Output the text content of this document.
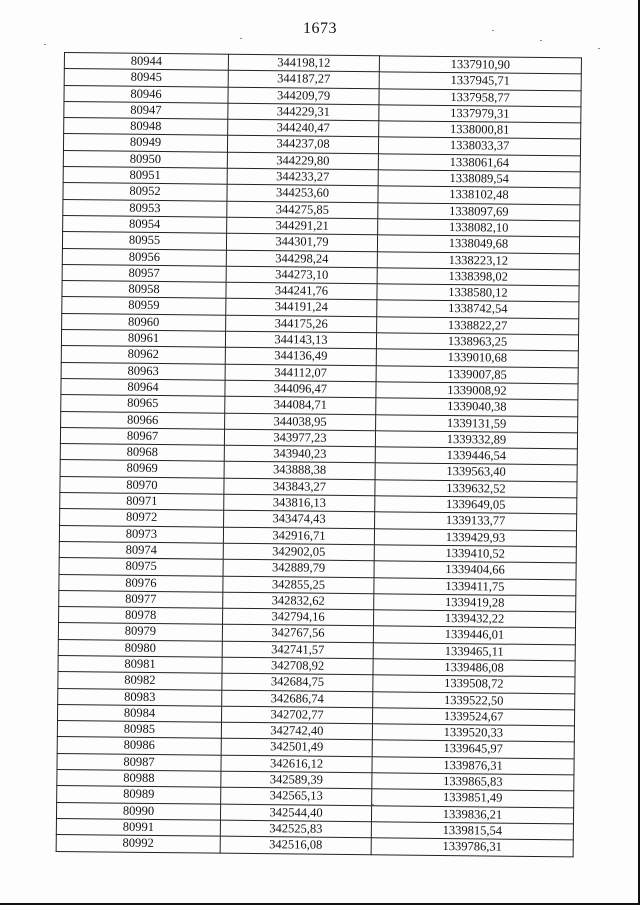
1673
80944	344198,12	1337910,90
80945	344187,27	1337945,71
80946	344209,79	1337958,77
80947	344229,31	1337979,31
80948	344240,47	1338000,81
80949	344237,08	1338033,37
80950	344229,80	1338061,64
80951	344233,27	1338089,54
80952	344253,60	1338102,48
80953	344275,85	1338097,69
80954	344291,21	1338082,10
80955	344301,79	1338049,68
80956	344298,24	1338223,12
80957	344273,10	1338398,02
80958	344241,76	1338580,12
80959	344191,24	1338742,54
80960	344175,26	1338822,27
80961	344143,13	1338963,25
80962	344136,49	1339010,68
80963	344112,07	1339007,85
80964	344096,47	1339008,92
80965	344084,71	1339040,38
80966	344038,95	1339131,59
80967	343977,23	1339332,89
80968	343940,23	1339446,54
80969	343888,38	1339563,40
80970	343843,27	1339632,52
80971	343816,13	1339649,05
80972	343474,43	1339133,77
80973	342916,71	1339429,93
80974	342902,05	1339410,52
80975	342889,79	1339404,66
80976	342855,25	1339411,75
80977	342832,62	1339419,28
80978	342794,16	1339432,22
80979	342767,56	1339446,01
80980	342741,57	1339465,11
80981	342708,92	1339486,08
80982	342684,75	1339508,72
80983	342686,74	1339522,50
80984	342702,77	1339524,67
80985	342742,40	1339520,33
80986	342501,49	1339645,97
80987	342616,12	1339876,31
80988	342589,39	1339865,83
80989	342565,13	1339851,49
80990	342544,40	1339836,21
80991	342525,83	1339815,54
80992	342516,08	1339786,31
